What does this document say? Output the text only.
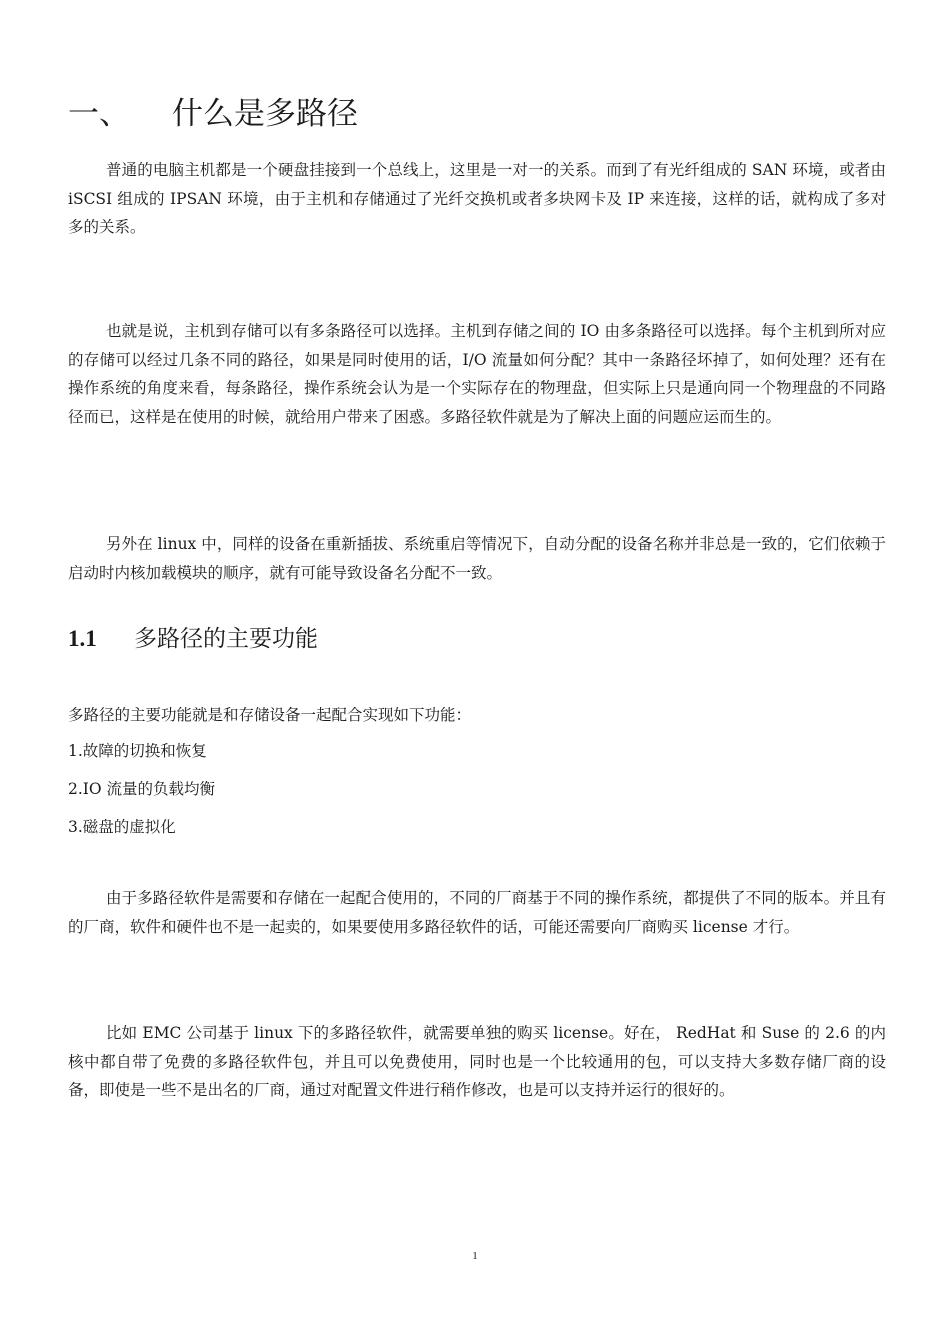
一、 什么是多路径

普通的电脑主机都是一个硬盘挂接到一个总线上，这里是一对一的关系。而到了有光纤组成的 SAN 环境，或者由 iSCSI 组成的 IPSAN 环境，由于主机和存储通过了光纤交换机或者多块网卡及 IP 来连接，这样的话，就构成了多对多的关系。

也就是说，主机到存储可以有多条路径可以选择。主机到存储之间的 IO 由多条路径可以选择。每个主机到所对应的存储可以经过几条不同的路径，如果是同时使用的话，I/O 流量如何分配？其中一条路径坏掉了，如何处理？还有在操作系统的角度来看，每条路径，操作系统会认为是一个实际存在的物理盘，但实际上只是通向同一个物理盘的不同路径而已，这样是在使用的时候，就给用户带来了困惑。多路径软件就是为了解决上面的问题应运而生的。

另外在 linux 中，同样的设备在重新插拔、系统重启等情况下，自动分配的设备名称并非总是一致的，它们依赖于启动时内核加载模块的顺序，就有可能导致设备名分配不一致。

1.1 多路径的主要功能

多路径的主要功能就是和存储设备一起配合实现如下功能：

1.故障的切换和恢复

2.IO 流量的负载均衡

3.磁盘的虚拟化

由于多路径软件是需要和存储在一起配合使用的，不同的厂商基于不同的操作系统，都提供了不同的版本。并且有的厂商，软件和硬件也不是一起卖的，如果要使用多路径软件的话，可能还需要向厂商购买 license 才行。

比如 EMC 公司基于 linux 下的多路径软件，就需要单独的购买 license。好在， RedHat 和 Suse 的 2.6 的内核中都自带了免费的多路径软件包，并且可以免费使用，同时也是一个比较通用的包，可以支持大多数存储厂商的设备，即使是一些不是出名的厂商，通过对配置文件进行稍作修改，也是可以支持并运行的很好的。

1
